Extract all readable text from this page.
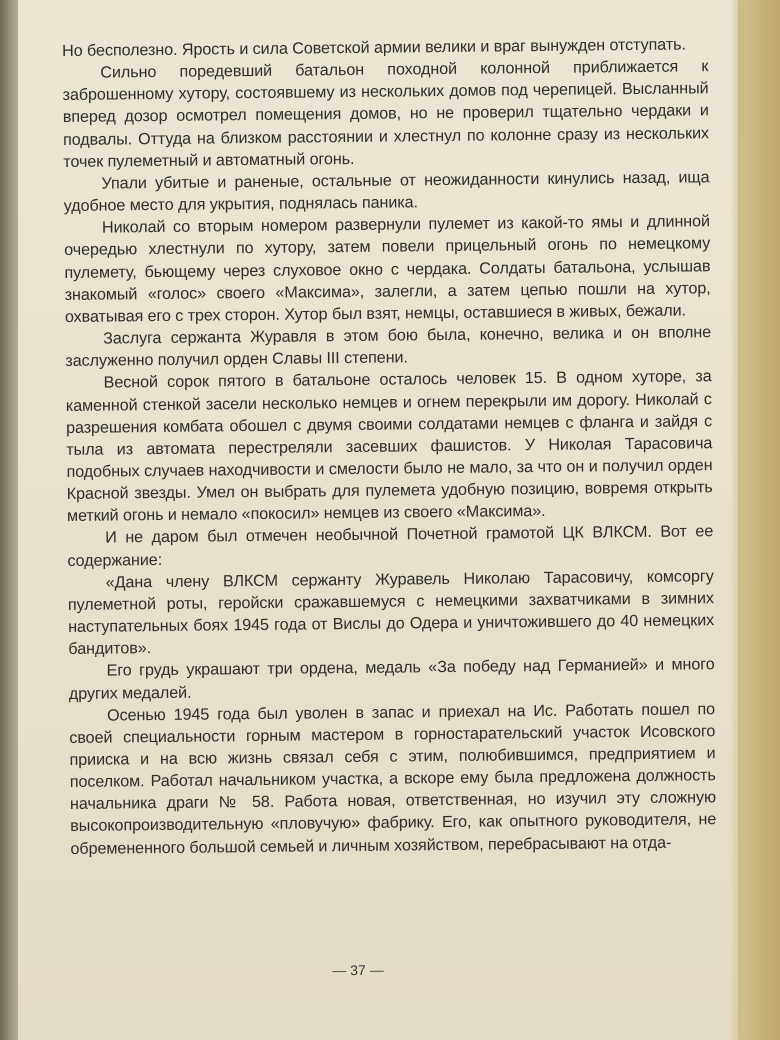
Но бесполезно. Ярость и сила Советской армии велики и враг вынужден отступать.

Сильно поредевший батальон походной колонной приближается к заброшенному хутору, состоявшему из нескольких домов под черепицей. Высланный вперед дозор осмотрел помещения домов, но не проверил тщательно чердаки и подвалы. Оттуда на близком расстоянии и хлестнул по колонне сразу из нескольких точек пулеметный и автоматный огонь.

Упали убитые и раненые, остальные от неожиданности кинулись назад, ища удобное место для укрытия, поднялась паника.

Николай со вторым номером развернули пулемет из какой-то ямы и длинной очередью хлестнули по хутору, затем повели прицельный огонь по немецкому пулемету, бьющему через слуховое окно с чердака. Солдаты батальона, услышав знакомый «голос» своего «Максима», залегли, а затем цепью пошли на хутор, охватывая его с трех сторон. Хутор был взят, немцы, оставшиеся в живых, бежали.

Заслуга сержанта Журавля в этом бою была, конечно, велика и он вполне заслуженно получил орден Славы III степени.

Весной сорок пятого в батальоне осталось человек 15. В одном хуторе, за каменной стенкой засели несколько немцев и огнем перекрыли им дорогу. Николай с разрешения комбата обошел с двумя своими солдатами немцев с фланга и зайдя с тыла из автомата перестреляли засевших фашистов. У Николая Тарасовича подобных случаев находчивости и смелости было не мало, за что он и получил орден Красной звезды. Умел он выбрать для пулемета удобную позицию, вовремя открыть меткий огонь и немало «покосил» немцев из своего «Максима».

И не даром был отмечен необычной Почетной грамотой ЦК ВЛКСМ. Вот ее содержание:

«Дана члену ВЛКСМ сержанту Журавель Николаю Тарасовичу, комсоргу пулеметной роты, геройски сражавшемуся с немецкими захватчиками в зимних наступательных боях 1945 года от Вислы до Одера и уничтожившего до 40 немецких бандитов».

Его грудь украшают три ордена, медаль «За победу над Германией» и много других медалей.

Осенью 1945 года был уволен в запас и приехал на Ис. Работать пошел по своей специальности горным мастером в горностарательский участок Исовского прииска и на всю жизнь связал себя с этим, полюбившимся, предприятием и поселком. Работал начальником участка, а вскоре ему была предложена должность начальника драги № 58. Работа новая, ответственная, но изучил эту сложную высокопроизводительную «пловучую» фабрику. Его, как опытного руководителя, не обремененного большой семьей и личным хозяйством, перебрасывают на отда-

— 37 —
